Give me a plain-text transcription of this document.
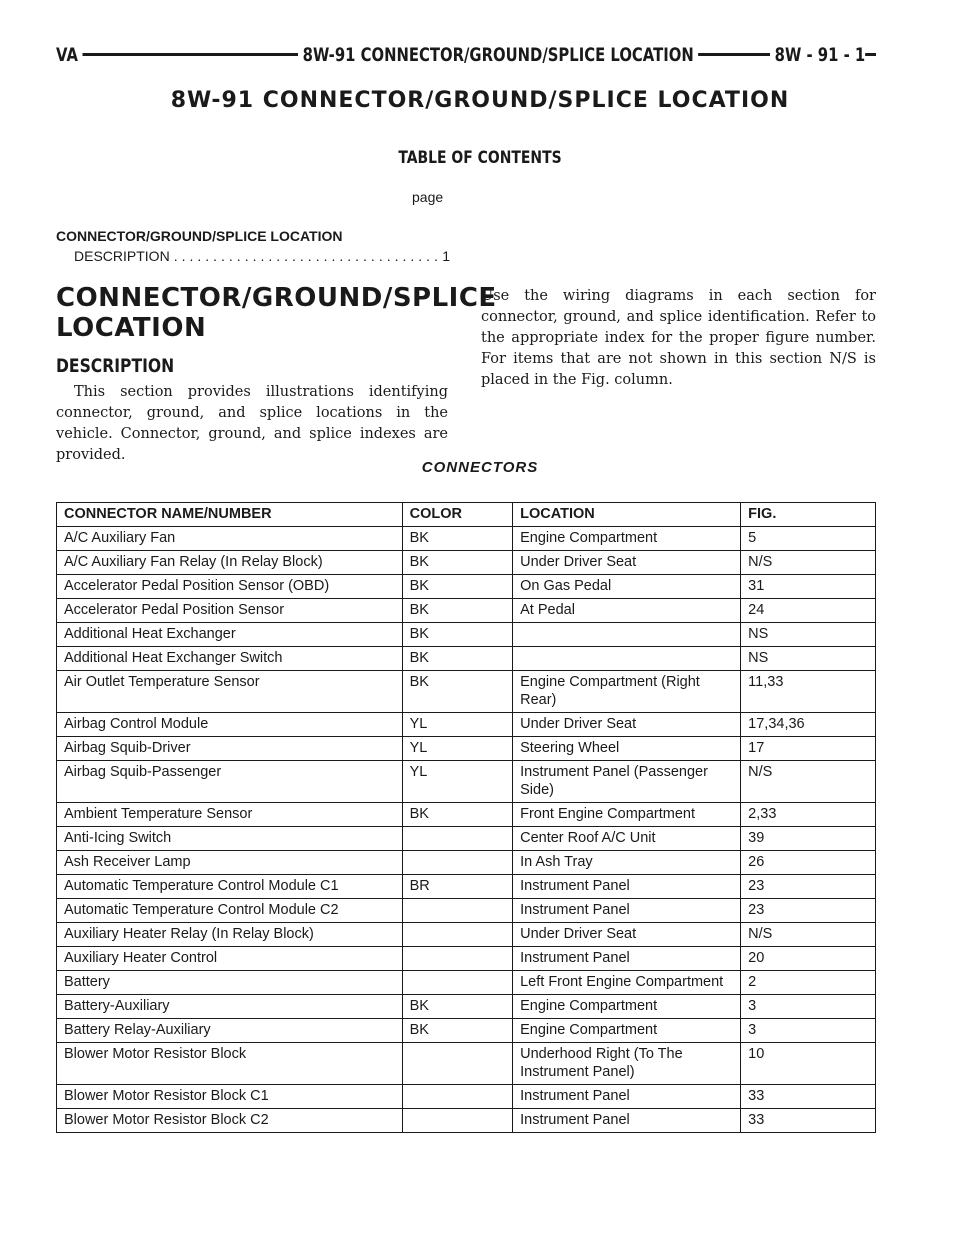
VA	8W-91 CONNECTOR/GROUND/SPLICE LOCATION	8W - 91 - 1
8W-91 CONNECTOR/GROUND/SPLICE LOCATION
TABLE OF CONTENTS
page
CONNECTOR/GROUND/SPLICE LOCATION
DESCRIPTION .....	1
CONNECTOR/GROUND/SPLICE LOCATION
DESCRIPTION
This section provides illustrations identifying connector, ground, and splice locations in the vehicle. Connector, ground, and splice indexes are provided.
Use the wiring diagrams in each section for connector, ground, and splice identification. Refer to the appropriate index for the proper figure number. For items that are not shown in this section N/S is placed in the Fig. column.
CONNECTORS
CONNECTOR NAME/NUMBER	COLOR	LOCATION	FIG.
A/C Auxiliary Fan	BK	Engine Compartment	5
A/C Auxiliary Fan Relay (In Relay Block)	BK	Under Driver Seat	N/S
Accelerator Pedal Position Sensor (OBD)	BK	On Gas Pedal	31
Accelerator Pedal Position Sensor	BK	At Pedal	24
Additional Heat Exchanger	BK		NS
Additional Heat Exchanger Switch	BK		NS
Air Outlet Temperature Sensor	BK	Engine Compartment (Right Rear)	11,33
Airbag Control Module	YL	Under Driver Seat	17,34,36
Airbag Squib-Driver	YL	Steering Wheel	17
Airbag Squib-Passenger	YL	Instrument Panel (Passenger Side)	N/S
Ambient Temperature Sensor	BK	Front Engine Compartment	2,33
Anti-Icing Switch		Center Roof A/C Unit	39
Ash Receiver Lamp		In Ash Tray	26
Automatic Temperature Control Module C1	BR	Instrument Panel	23
Automatic Temperature Control Module C2		Instrument Panel	23
Auxiliary Heater Relay (In Relay Block)		Under Driver Seat	N/S
Auxiliary Heater Control		Instrument Panel	20
Battery		Left Front Engine Compartment	2
Battery-Auxiliary	BK	Engine Compartment	3
Battery Relay-Auxiliary	BK	Engine Compartment	3
Blower Motor Resistor Block		Underhood Right (To The Instrument Panel)	10
Blower Motor Resistor Block C1		Instrument Panel	33
Blower Motor Resistor Block C2		Instrument Panel	33
